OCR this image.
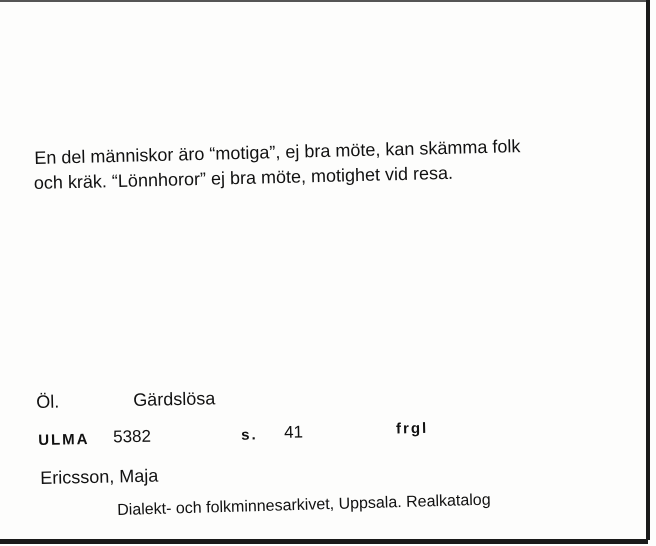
En del människor äro “motiga”, ej bra möte, kan skämma folk
och kräk. “Lönnhoror” ej bra möte, motighet vid resa.
Öl.	Gärdslösa
ULMA 5382	s. 41	frgl
Ericsson, Maja
Dialekt- och folkminnesarkivet, Uppsala. Realkatalog
